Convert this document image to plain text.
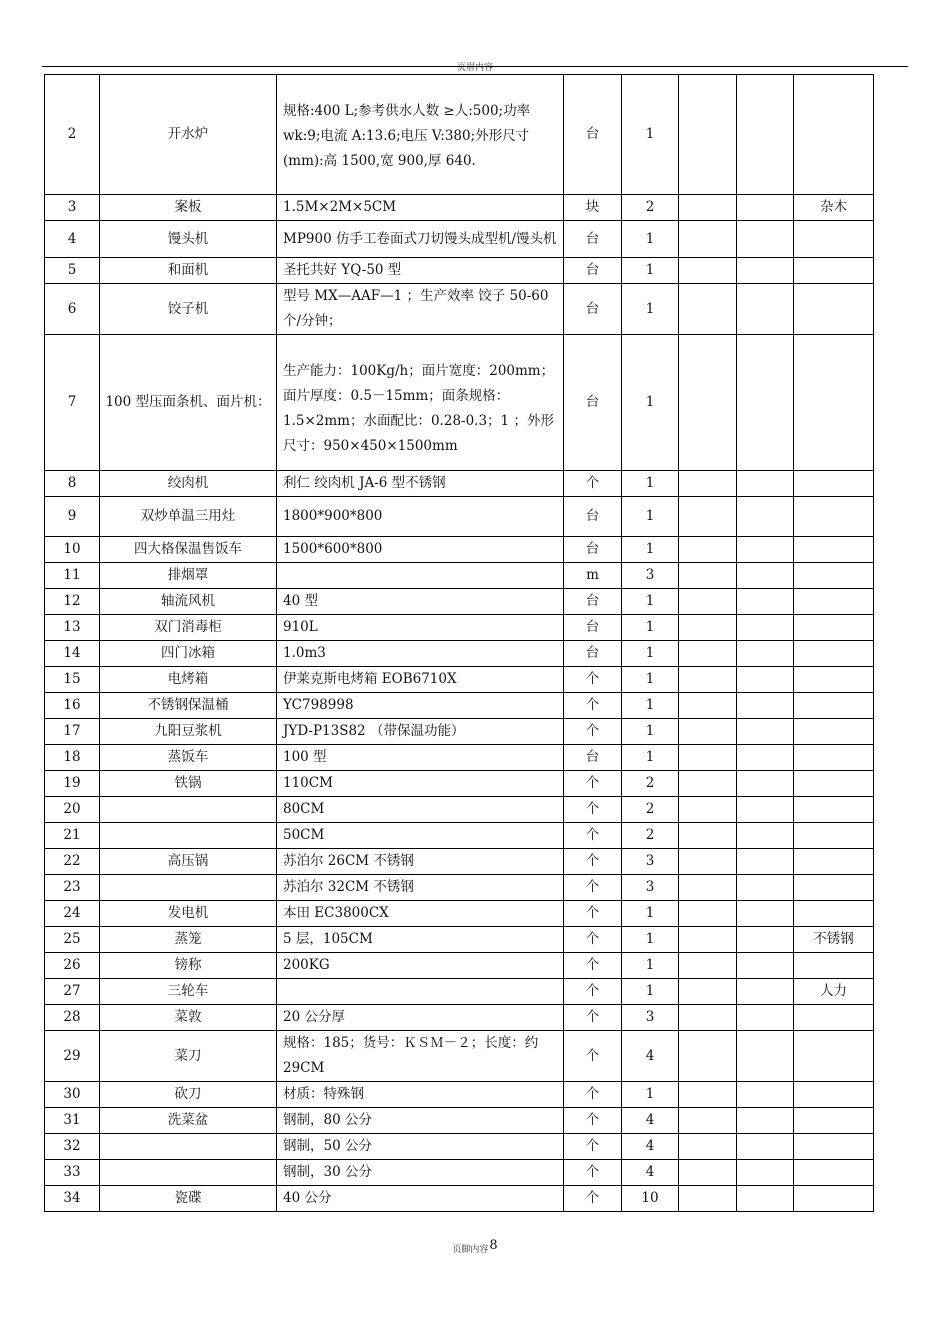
页眉内容
2	开水炉	规格:400 L;参考供水人数 ≥人:500;功率 wk:9;电流 A:13.6;电压 V:380;外形尺寸(mm):高 1500,宽 900,厚 640.	台	1			
3	案板	1.5M×2M×5CM	块	2			杂木
4	馒头机	MP900 仿手工卷面式刀切馒头成型机/馒头机	台	1			
5	和面机	圣托共好 YQ-50 型	台	1			
6	饺子机	型号 MX—AAF—1 ；生产效率 饺子 50-60 个/分钟；	台	1			
7	100 型压面条机、面片机：	生产能力：100Kg/h；面片宽度：200mm；面片厚度：0.5－15mm；面条规格：1.5×2mm；水面配比：0.28-0.3；1 ；外形尺寸：950×450×1500mm	台	1			
8	绞肉机	利仁 绞肉机 JA-6 型不锈钢	个	1			
9	双炒单温三用灶	1800*900*800	台	1			
10	四大格保温售饭车	1500*600*800	台	1			
11	排烟罩		m	3			
12	轴流风机	40 型	台	1			
13	双门消毒柜	910L	台	1			
14	四门冰箱	1.0m3	台	1			
15	电烤箱	伊莱克斯电烤箱 EOB6710X	个	1			
16	不锈钢保温桶	YC798998	个	1			
17	九阳豆浆机	JYD-P13S82 （带保温功能）	个	1			
18	蒸饭车	100 型	台	1			
19	铁锅	110CM	个	2			
20		80CM	个	2			
21		50CM	个	2			
22	高压锅	苏泊尔 26CM 不锈钢	个	3			
23		苏泊尔 32CM 不锈钢	个	3			
24	发电机	本田 EC3800CX	个	1			
25	蒸笼	5 层，105CM	个	1			不锈钢
26	镑称	200KG	个	1			
27	三轮车		个	1			人力
28	菜敦	20 公分厚	个	3			
29	菜刀	规格：185；货号：ＫＳＭ－２；长度：约 29CM	个	4			
30	砍刀	材质：特殊钢	个	1			
31	洗菜盆	钢制，80 公分	个	4			
32		钢制，50 公分	个	4			
33		钢制，30 公分	个	4			
34	瓷碟	40 公分	个	10			
页脚内容8
